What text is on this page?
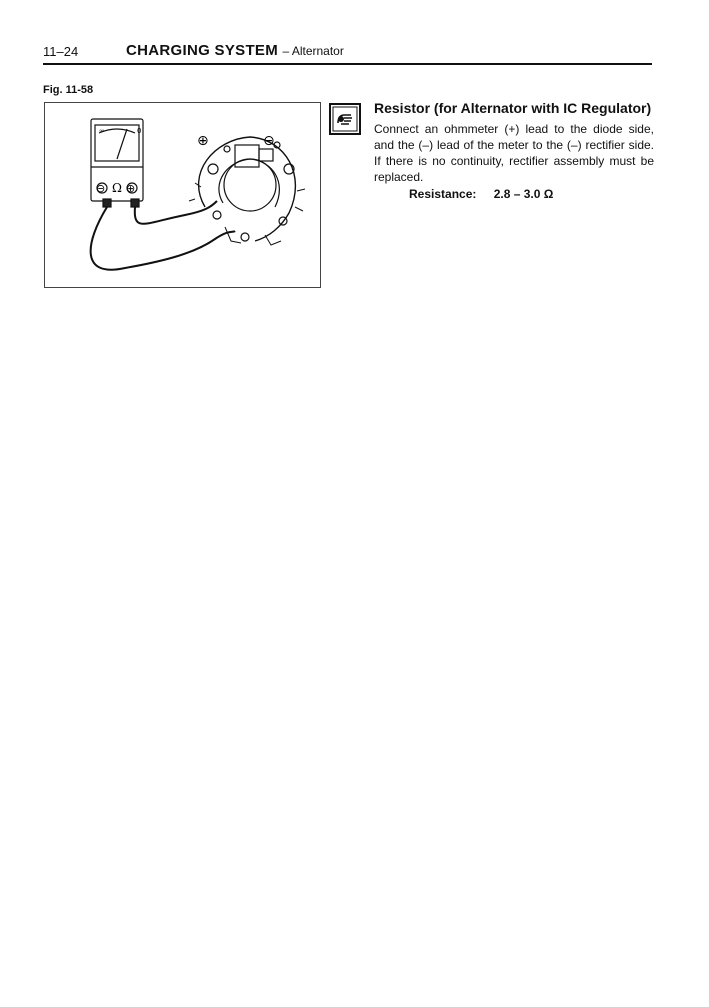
11–24	CHARGING SYSTEM – Alternator
Fig. 11-58
∞	0
⊖ Ω ⊕
⊕	⊖

Resistor (for Alternator with IC Regulator)

Connect an ohmmeter (+) lead to the diode side, and the (–) lead of the meter to the (–) rectifier side. If there is no continuity, rectifier assembly must be replaced.

Resistance: 2.8 – 3.0 Ω
